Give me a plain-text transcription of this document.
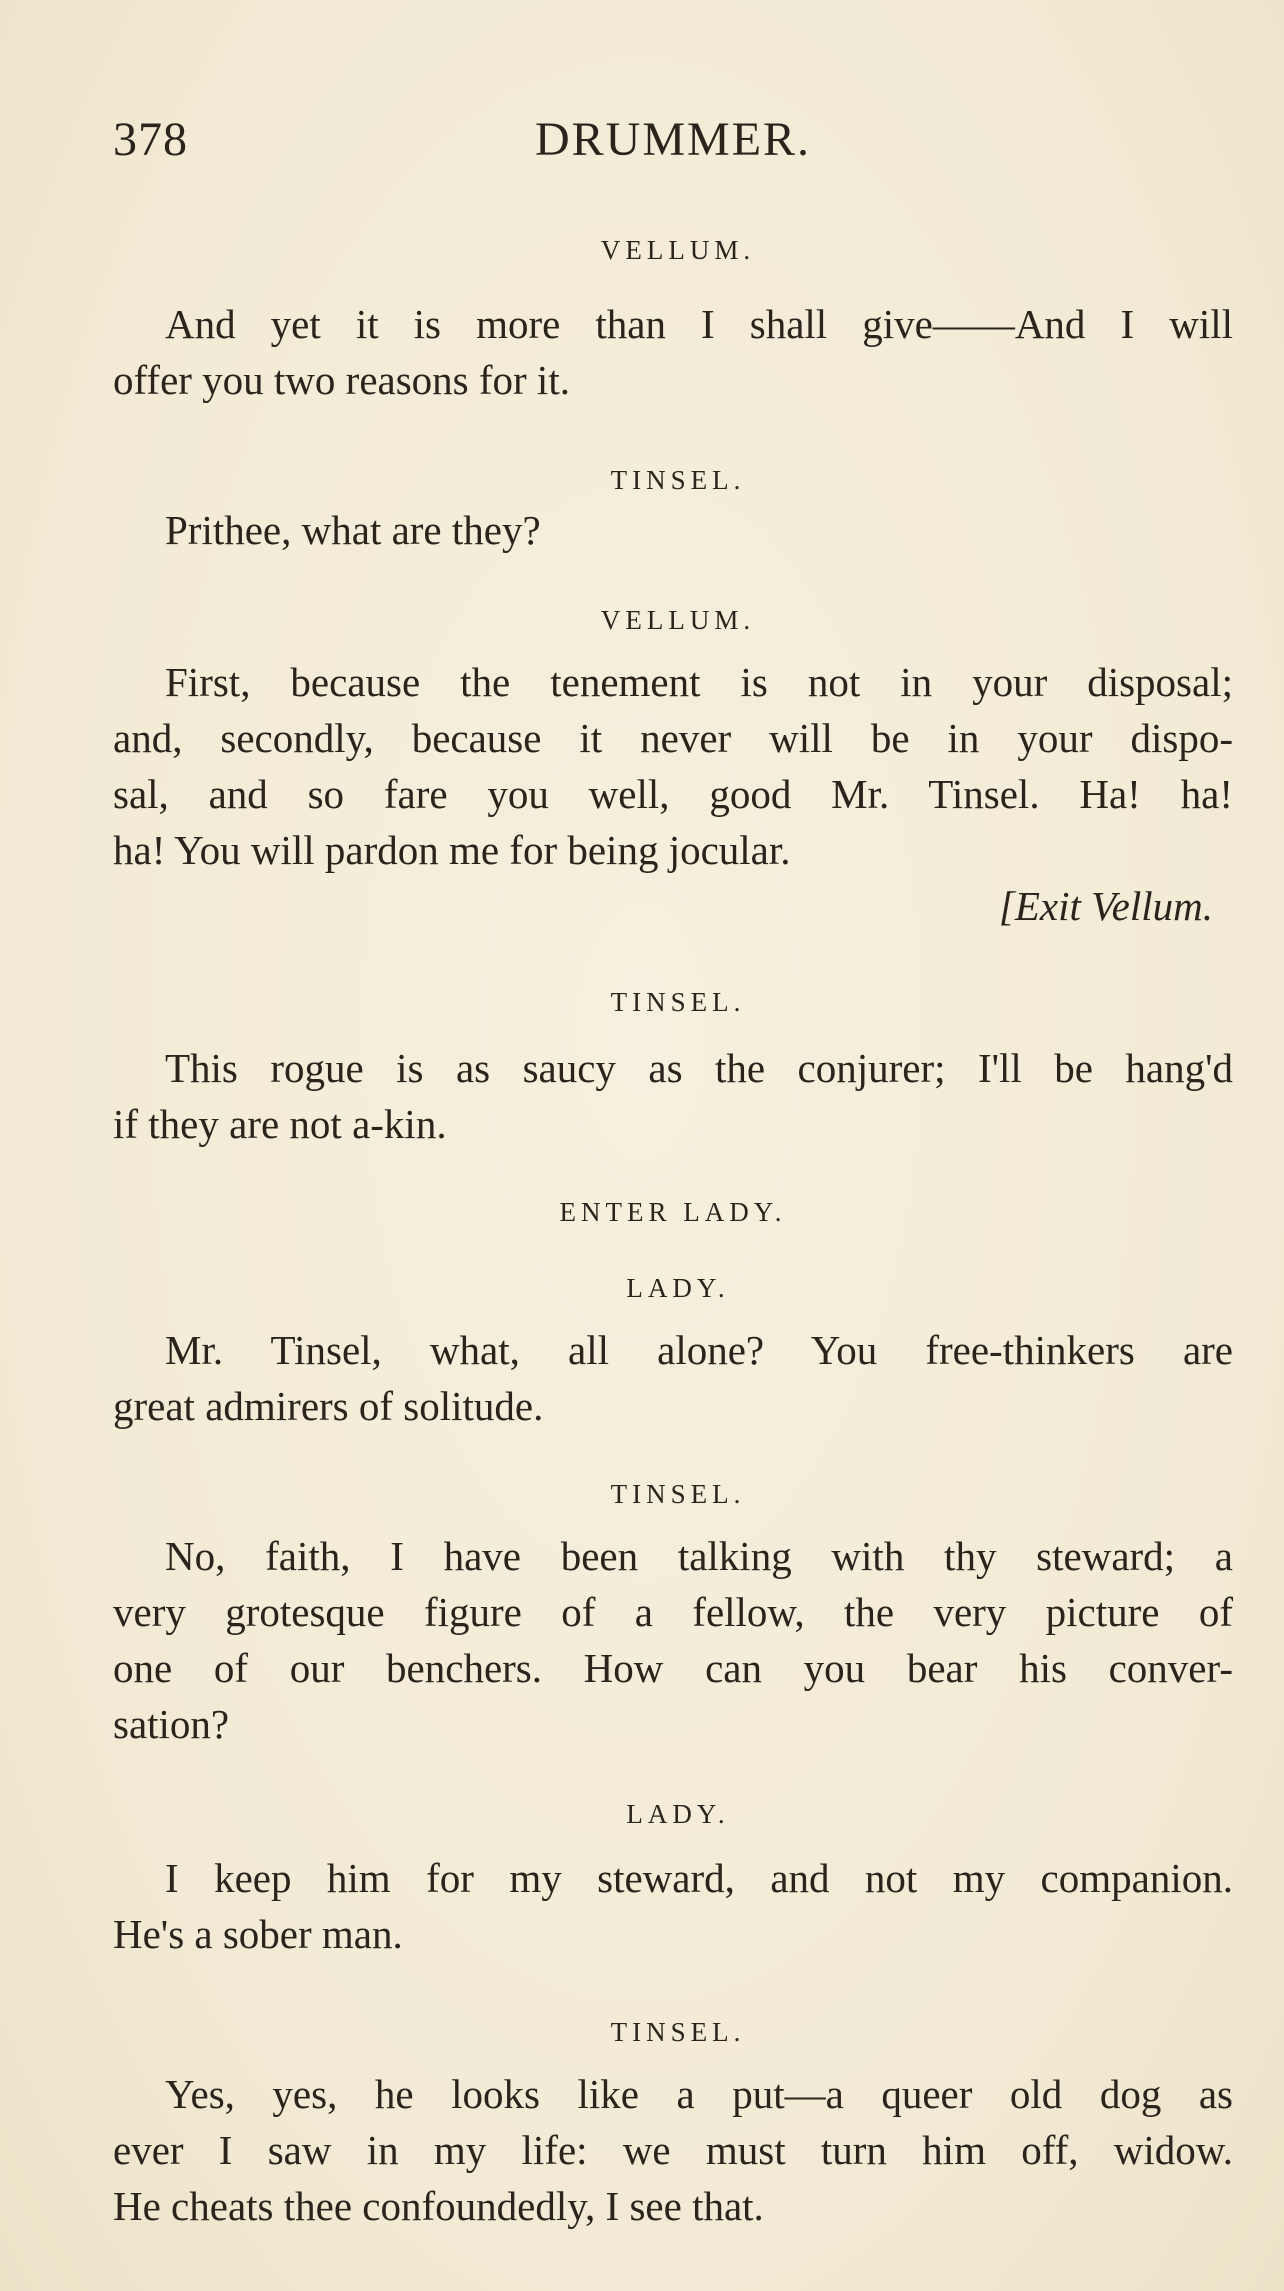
378	DRUMMER.
VELLUM.
And yet it is more than I shall give——And I will
offer you two reasons for it.
TINSEL.
Prithee, what are they?
VELLUM.
First, because the tenement is not in your disposal;
and, secondly, because it never will be in your dispo-
sal, and so fare you well, good Mr. Tinsel. Ha! ha!
ha! You will pardon me for being jocular.
[Exit Vellum.
TINSEL.
This rogue is as saucy as the conjurer; I'll be hang'd
if they are not a-kin.
ENTER LADY.
LADY.
Mr. Tinsel, what, all alone? You free-thinkers are
great admirers of solitude.
TINSEL.
No, faith, I have been talking with thy steward; a
very grotesque figure of a fellow, the very picture of
one of our benchers. How can you bear his conver-
sation?
LADY.
I keep him for my steward, and not my companion.
He's a sober man.
TINSEL.
Yes, yes, he looks like a put—a queer old dog as
ever I saw in my life: we must turn him off, widow.
He cheats thee confoundedly, I see that.
